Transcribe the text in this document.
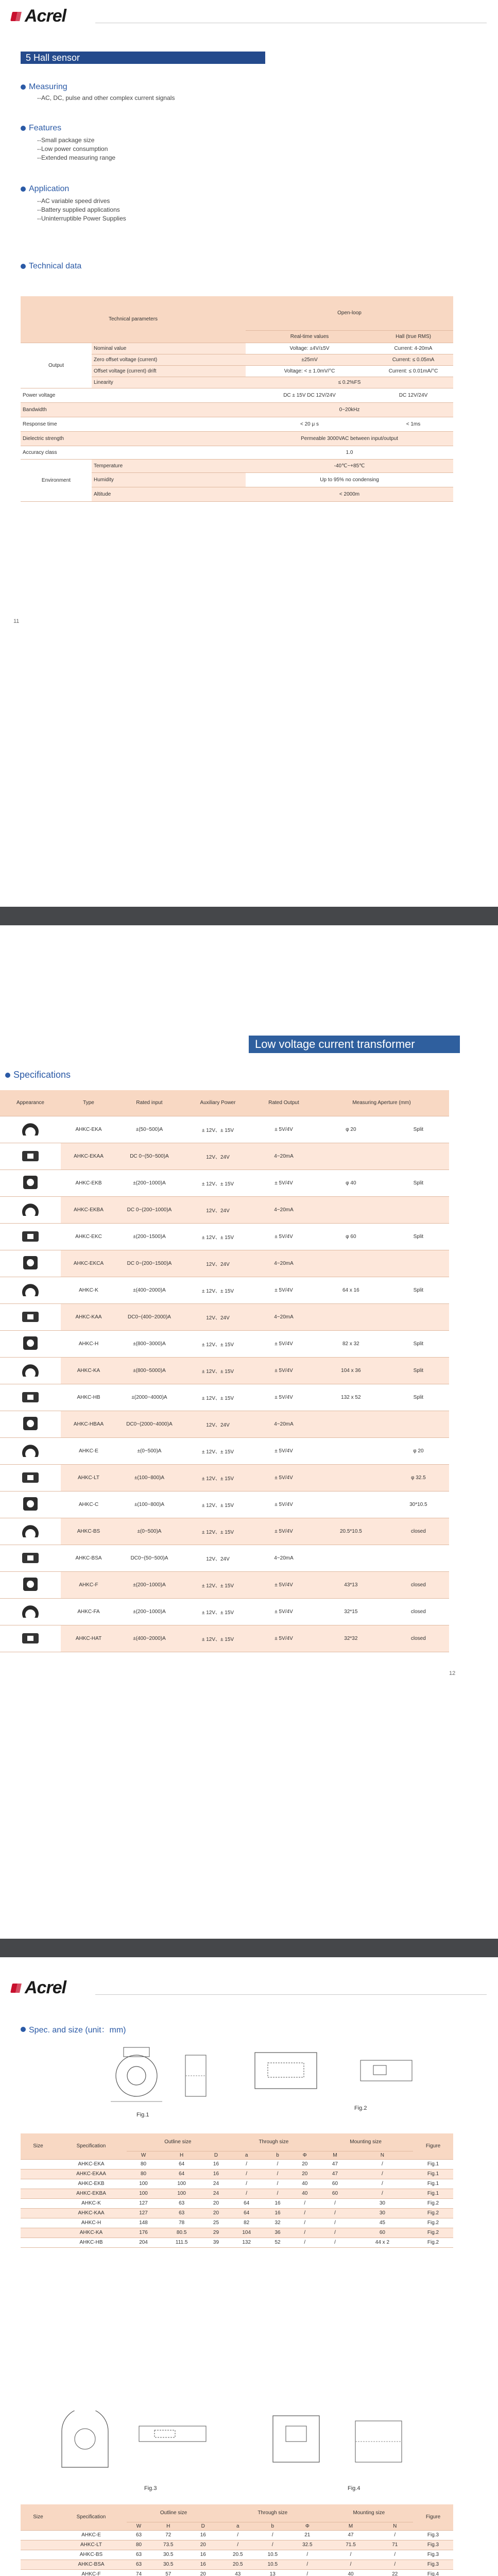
Acrel
5 Hall sensor
Measuring
--AC, DC, pulse and other complex current signals
Features
--Small package size
--Low power consumption
--Extended measuring range
Application
--AC variable speed drives
--Battery supplied applications
--Uninterruptible Power Supplies
Technical data
Technical parameters		Open-loop	
		Real-time values	Hall (true RMS)
Output	Nominal value	Voltage: ±4V/±5V	Current: 4-20mA
	Zero offset voltage (current)	±25mV	Current: ≤ 0.05mA
	Offset voltage (current) drift	Voltage: < ± 1.0mV/°C	Current: ≤ 0.01mA/°C
	Linearity	≤ 0.2%FS	
Power voltage		DC ± 15V DC 12V/24V	DC 12V/24V
Bandwidth		0~20kHz	
Response time		< 20 μ s	< 1ms
Dielectric strength		Permeable 3000VAC between input/output	
Accuracy class		1.0	
Environment	Temperature	-40℃~+85℃	
	Humidity	Up to 95% no condensing	
	Altitude	< 2000m	
11
Low voltage current transformer
Specifications
Appearance	Type	Rated input	Auxiliary Power	Rated Output	Measuring Aperture (mm)	
	AHKC-EKA	±(50~500)A	± 12V、± 15V	± 5V/4V	φ 20	Split
	AHKC-EKAA	DC 0~(50~500)A	12V、24V	4~20mA		
	AHKC-EKB	±(200~1000)A	± 12V、± 15V	± 5V/4V	φ 40	Split
	AHKC-EKBA	DC 0~(200~1000)A	12V、24V	4~20mA		
	AHKC-EKC	±(200~1500)A	± 12V、± 15V	± 5V/4V	φ 60	Split
	AHKC-EKCA	DC 0~(200~1500)A	12V、24V	4~20mA		
	AHKC-K	±(400~2000)A	± 12V、± 15V	± 5V/4V	64 x 16	Split
	AHKC-KAA	DC0~(400~2000)A	12V、24V	4~20mA		
	AHKC-H	±(800~3000)A	± 12V、± 15V	± 5V/4V	82 x 32	Split
	AHKC-KA	±(800~5000)A	± 12V、± 15V	± 5V/4V	104 x 36	Split
	AHKC-HB	±(2000~4000)A	± 12V、± 15V	± 5V/4V	132 x 52	Split
	AHKC-HBAA	DC0~(2000~4000)A	12V、24V	4~20mA		
	AHKC-E	±(0~500)A	± 12V、± 15V	± 5V/4V		φ 20
	AHKC-LT	±(100~800)A	± 12V、± 15V	± 5V/4V		φ 32.5
	AHKC-C	±(100~800)A	± 12V、± 15V	± 5V/4V		30*10.5
	AHKC-BS	±(0~500)A	± 12V、± 15V	± 5V/4V	20.5*10.5	closed
	AHKC-BSA	DC0~(50~500)A	12V、24V	4~20mA		
	AHKC-F	±(200~1000)A	± 12V、± 15V	± 5V/4V	43*13	closed
	AHKC-FA	±(200~1000)A	± 12V、± 15V	± 5V/4V	32*15	closed
	AHKC-HAT	±(400~2000)A	± 12V、± 15V	± 5V/4V	32*32	closed
12
Acrel
Spec. and size (unit：mm)
Fig.1
Fig.2
Size	Specification	Outline size			Through size			Mounting size		Figure
		W	H	D	a	b	Φ	M	N	
	AHKC-EKA	80	64	16	/	/	20	47	/	Fig.1
	AHKC-EKAA	80	64	16	/	/	20	47	/	Fig.1
	AHKC-EKB	100	100	24	/	/	40	60	/	Fig.1
	AHKC-EKBA	100	100	24	/	/	40	60	/	Fig.1
	AHKC-K	127	63	20	64	16	/	/	30	Fig.2
	AHKC-KAA	127	63	20	64	16	/	/	30	Fig.2
	AHKC-H	148	78	25	82	32	/	/	45	Fig.2
	AHKC-KA	176	80.5	29	104	36	/	/	60	Fig.2
	AHKC-HB	204	111.5	39	132	52	/	/	44 x 2	Fig.2
Fig.3	Fig.4
Size	Specification	Outline size			Through size			Mounting size		Figure
		W	H	D	a	b	Φ	M	N	
	AHKC-E	63	72	16	/	/	21	47	/	Fig.3
	AHKC-LT	80	73.5	20	/	/	32.5	71.5	71	Fig.3
	AHKC-BS	63	30.5	16	20.5	10.5	/	/	/	Fig.3
	AHKC-BSA	63	30.5	16	20.5	10.5	/	/	/	Fig.3
	AHKC-F	74	57	20	43	13	/	40	22	Fig.4
